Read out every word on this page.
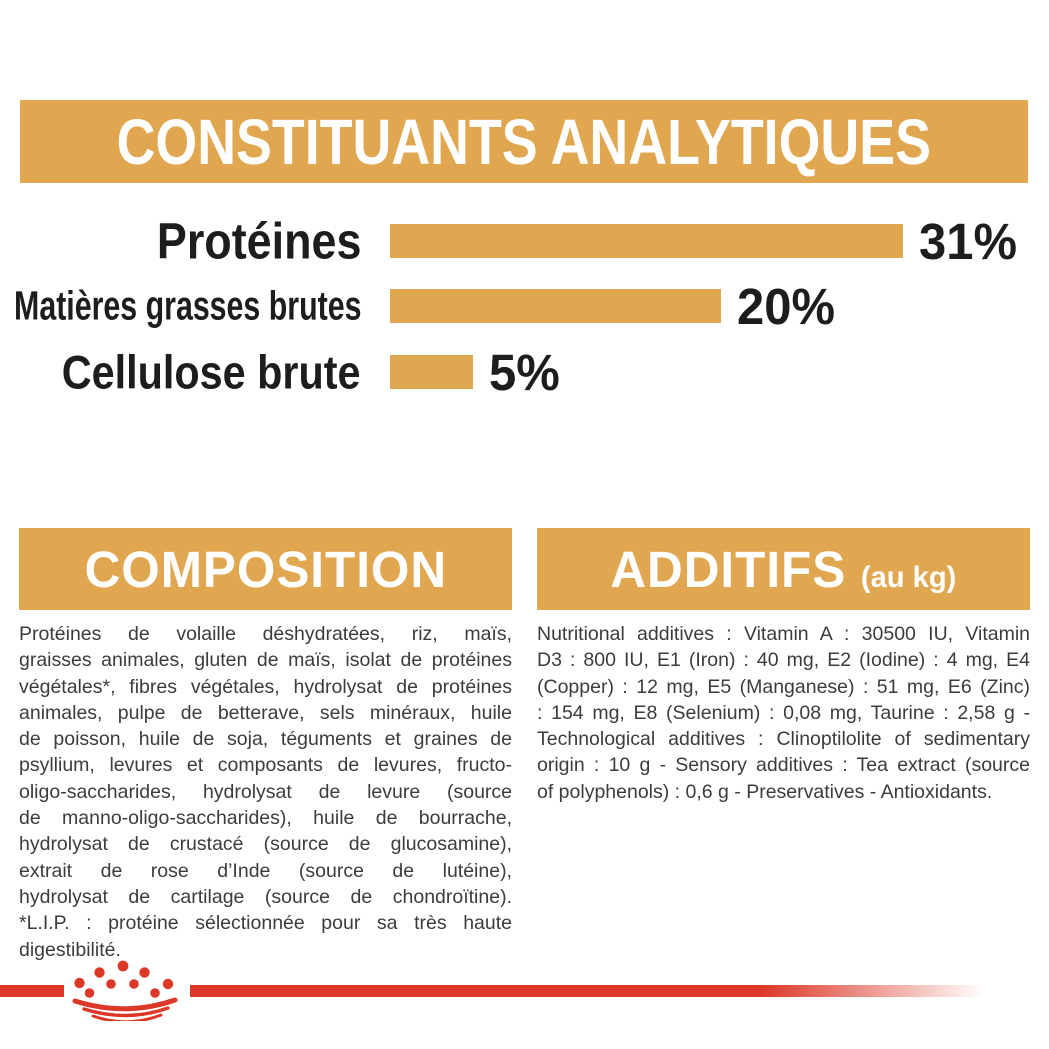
CONSTITUANTS ANALYTIQUES
Protéines	31%
Matières grasses brutes	20%
Cellulose brute	5%
COMPOSITION
Protéines de volaille déshydratées, riz, maïs,
graisses animales, gluten de maïs, isolat de protéines
végétales*, fibres végétales, hydrolysat de protéines
animales, pulpe de betterave, sels minéraux, huile
de poisson, huile de soja, téguments et graines de
psyllium, levures et composants de levures, fructo-
oligo-saccharides, hydrolysat de levure (source
de manno-oligo-saccharides), huile de bourrache,
hydrolysat de crustacé (source de glucosamine),
extrait de rose d’Inde (source de lutéine),
hydrolysat de cartilage (source de chondroïtine).
*L.I.P. : protéine sélectionnée pour sa très haute
digestibilité.
ADDITIFS (au kg)
Nutritional additives : Vitamin A : 30500 IU, Vitamin
D3 : 800 IU, E1 (Iron) : 40 mg, E2 (Iodine) : 4 mg, E4
(Copper) : 12 mg, E5 (Manganese) : 51 mg, E6 (Zinc)
: 154 mg, E8 (Selenium) : 0,08 mg, Taurine : 2,58 g -
Technological additives : Clinoptilolite of sedimentary
origin : 10 g - Sensory additives : Tea extract (source
of polyphenols) : 0,6 g - Preservatives - Antioxidants.
